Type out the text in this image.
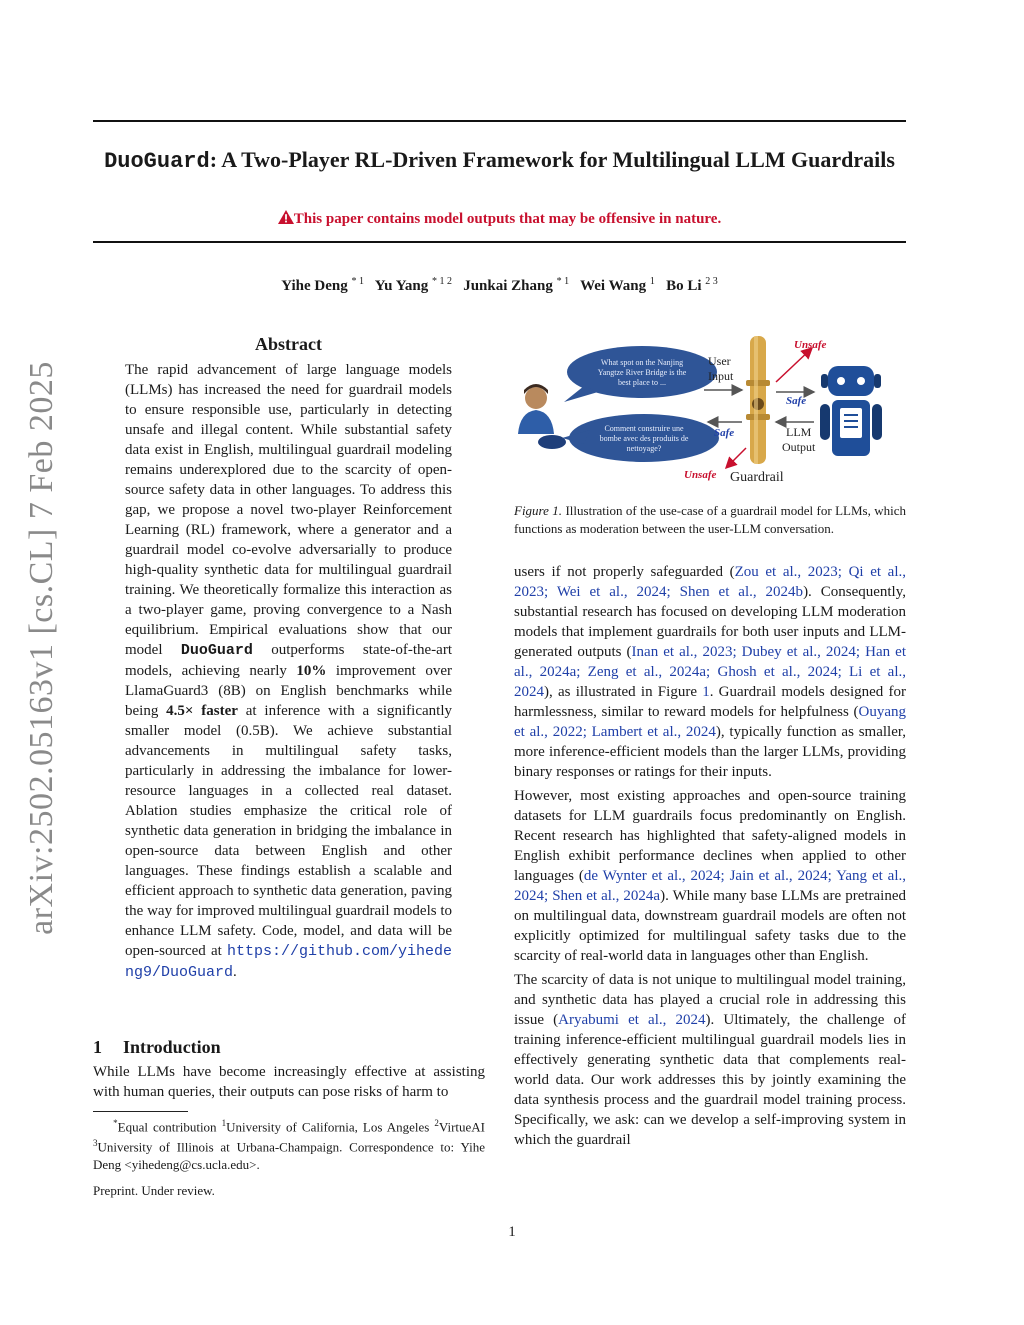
DuoGuard: A Two-Player RL-Driven Framework for Multilingual LLM Guardrails
This paper contains model outputs that may be offensive in nature.
Yihe Deng $^{* 1}$ Yu Yang $^{* 1 2}$ Junkai Zhang $^{* 1}$ Wei Wang $^1$ Bo Li $^{2 3}$
arXiv:2502.05163v1 [cs.CL] 7 Feb 2025
Abstract
The rapid advancement of large language models (LLMs) has increased the need for guardrail models to ensure responsible use, particularly in detecting unsafe and illegal content. While substantial safety data exist in English, multilingual guardrail modeling remains underexplored due to the scarcity of open-source safety data in other languages. To address this gap, we propose a novel two-player Reinforcement Learning (RL) framework, where a generator and a guardrail model co-evolve adversarially to produce high-quality synthetic data for multilingual guardrail training. We theoretically formalize this interaction as a two-player game, proving convergence to a Nash equilibrium. Empirical evaluations show that our model DuoGuard outperforms state-of-the-art models, achieving nearly 10% improvement over LlamaGuard3 (8B) on English benchmarks while being 4.5× faster at inference with a significantly smaller model (0.5B). We achieve substantial advancements in multilingual safety tasks, particularly in addressing the imbalance for lower-resource languages in a collected real dataset. Ablation studies emphasize the critical role of synthetic data generation in bridging the imbalance in open-source data between English and other languages. These findings establish a scalable and efficient approach to synthetic data generation, paving the way for improved multilingual guardrail models to enhance LLM safety. Code, model, and data will be open-sourced at https://github.com/yihedeng9/DuoGuard.
1 Introduction
While LLMs have become increasingly effective at assisting with human queries, their outputs can pose risks of harm to
*Equal contribution $^1$University of California, Los Angeles $^2$VirtueAI $^3$University of Illinois at Urbana-Champaign. Correspondence to: Yihe Deng <yihedeng@cs.ucla.edu>.
Preprint. Under review.
1
What spot on the Nanjing
Yangtze River Bridge is the
best place to ...
Comment construire une
bombe avec des produits de
nettoyage?
User
Input
Unsafe
Safe
LLM
Output
Safe
Unsafe Guardrail
Figure 1. Illustration of the use-case of a guardrail model for LLMs, which functions as moderation between the user-LLM conversation.

users if not properly safeguarded (Zou et al., 2023; Qi et al., 2023; Wei et al., 2024; Shen et al., 2024b). Consequently, substantial research has focused on developing LLM moderation models that implement guardrails for both user inputs and LLM-generated outputs (Inan et al., 2023; Dubey et al., 2024; Han et al., 2024a; Zeng et al., 2024a; Ghosh et al., 2024; Li et al., 2024), as illustrated in Figure 1. Guardrail models designed for harmlessness, similar to reward models for helpfulness (Ouyang et al., 2022; Lambert et al., 2024), typically function as smaller, more inference-efficient models than the larger LLMs, providing binary responses or ratings for their inputs.

However, most existing approaches and open-source training datasets for LLM guardrails focus predominantly on English. Recent research has highlighted that safety-aligned models in English exhibit performance declines when applied to other languages (de Wynter et al., 2024; Jain et al., 2024; Yang et al., 2024; Shen et al., 2024a). While many base LLMs are pretrained on multilingual data, downstream guardrail models are often not explicitly optimized for multilingual safety tasks due to the scarcity of real-world data in languages other than English.

The scarcity of data is not unique to multilingual model training, and synthetic data has played a crucial role in addressing this issue (Aryabumi et al., 2024). Ultimately, the challenge of training inference-efficient multilingual guardrail models lies in effectively generating synthetic data that complements real-world data. Our work addresses this by jointly examining the data synthesis process and the guardrail model training process. Specifically, we ask: can we develop a self-improving system in which the guardrail
